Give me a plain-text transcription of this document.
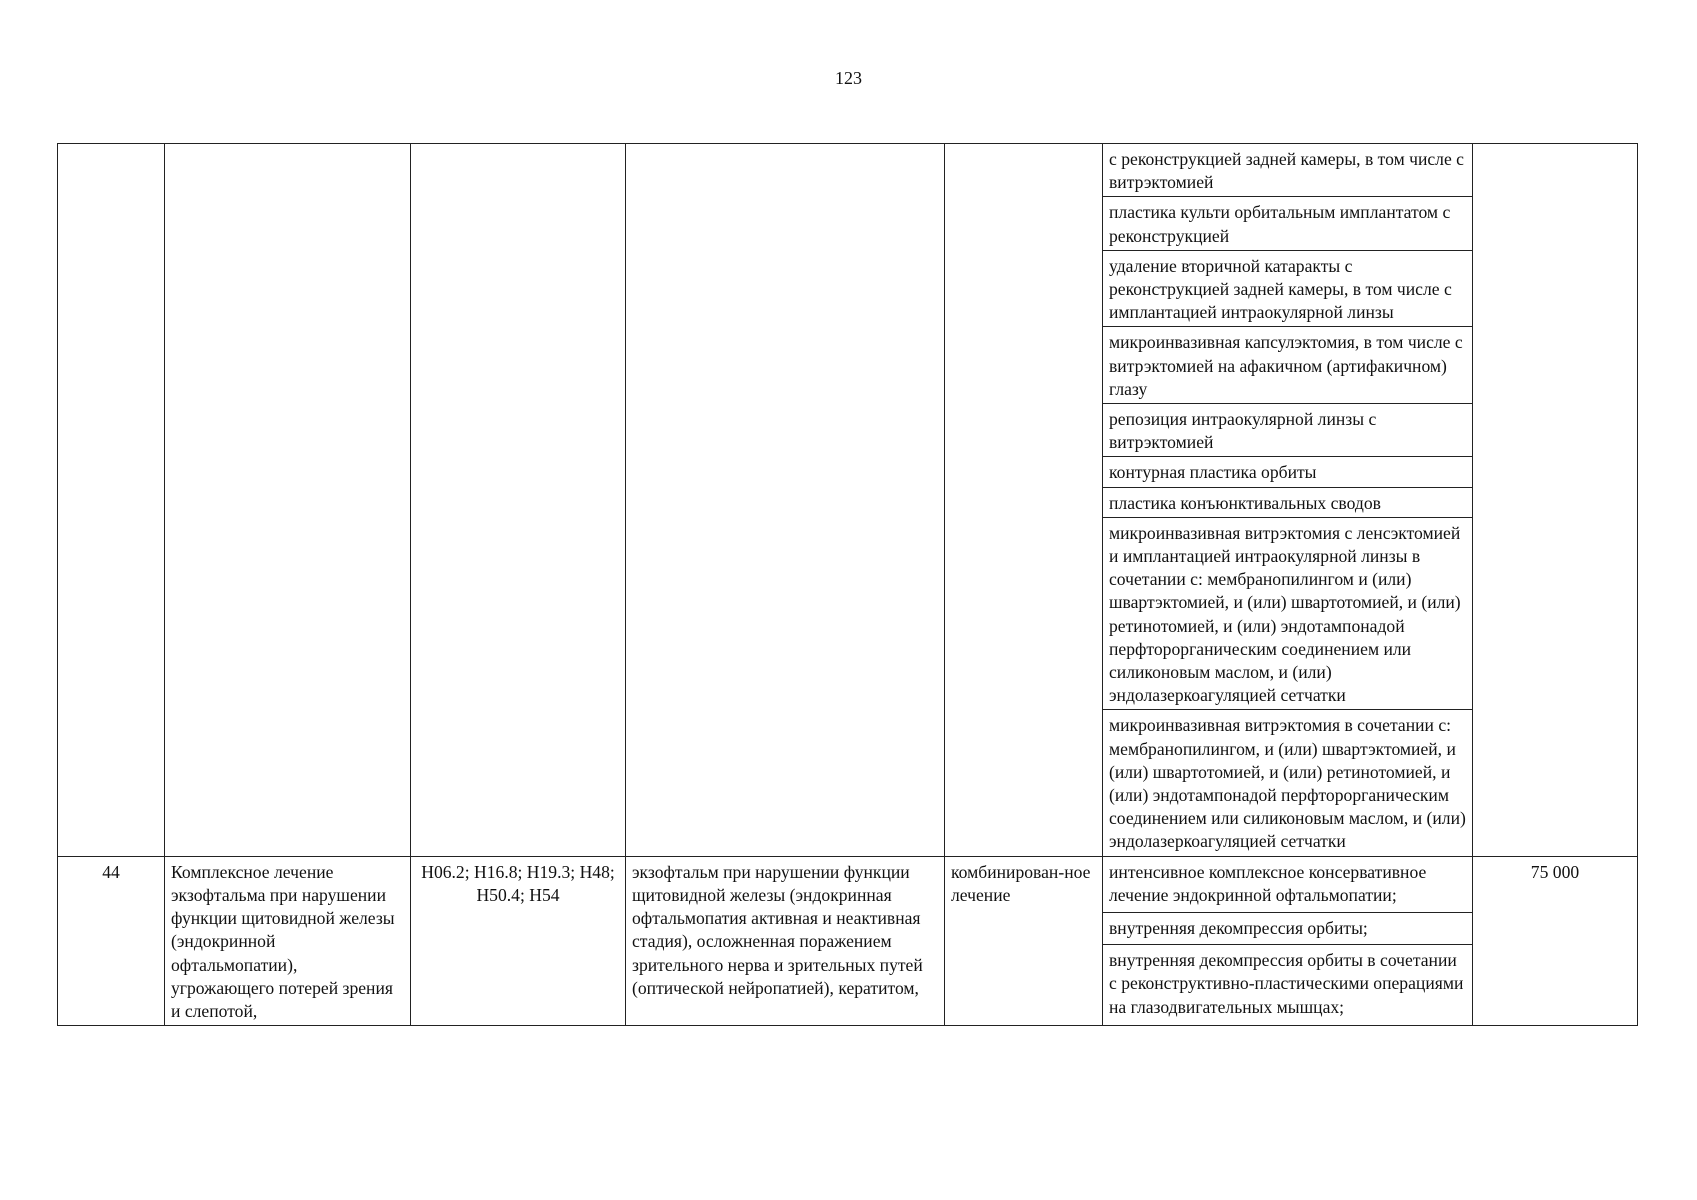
123
					с реконструкцией задней камеры, в том числе с витрэктомией	
					пластика культи орбитальным имплантатом с реконструкцией	
					удаление вторичной катаракты с реконструкцией задней камеры, в том числе с имплантацией интраокулярной линзы	
					микроинвазивная капсулэктомия, в том числе с витрэктомией на афакичном (артифакичном) глазу	
					репозиция интраокулярной линзы с витрэктомией	
					контурная пластика орбиты	
					пластика конъюнктивальных сводов	
					микроинвазивная витрэктомия с ленсэктомией и имплантацией интраокулярной линзы в сочетании с: мембранопилингом и (или) швартэктомией, и (или) швартотомией, и (или) ретинотомией, и (или) эндотампонадой перфторорганическим соединением или силиконовым маслом, и (или) эндолазеркоагуляцией сетчатки	
					микроинвазивная витрэктомия в сочетании с: мембранопилингом, и (или) швартэктомией, и (или) швартотомией, и (или) ретинотомией, и (или) эндотампонадой перфторорганическим соединением или силиконовым маслом, и (или) эндолазеркоагуляцией сетчатки	
44	Комплексное лечение экзофтальма при нарушении функции щитовидной железы (эндокринной офтальмопатии), угрожающего потерей зрения и слепотой,	H06.2; H16.8; H19.3; H48; H50.4; H54	экзофтальм при нарушении функции щитовидной железы (эндокринная офтальмопатия активная и неактивная стадия), осложненная поражением зрительного нерва и зрительных путей (оптической нейропатией), кератитом,	комбинирован-ное лечение	интенсивное комплексное консервативное лечение эндокринной офтальмопатии;	75 000
					внутренняя декомпрессия орбиты;	
					внутренняя декомпрессия орбиты в сочетании с реконструктивно-пластическими операциями на глазодвигательных мышцах;	
